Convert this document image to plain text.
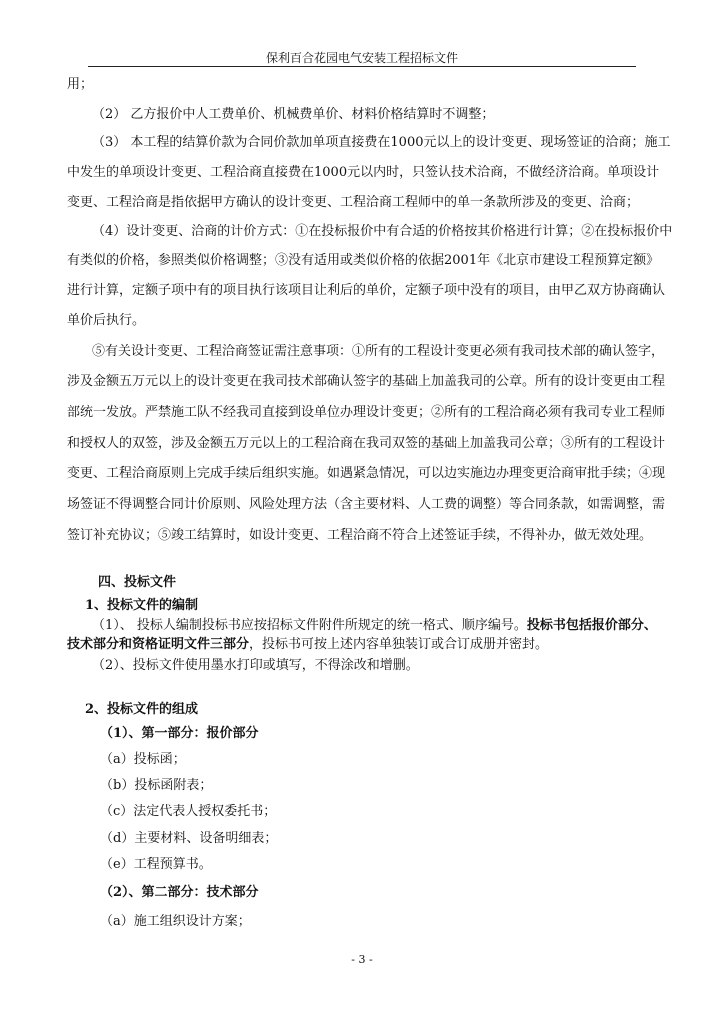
保利百合花园电气安装工程招标文件
用；
（2） 乙方报价中人工费单价、机械费单价、材料价格结算时不调整；
（3） 本工程的结算价款为合同价款加单项直接费在1000元以上的设计变更、现场签证的洽商；施工
中发生的单项设计变更、工程洽商直接费在1000元以内时，只签认技术洽商，不做经济洽商。单项设计
变更、工程洽商是指依据甲方确认的设计变更、工程洽商工程师中的单一条款所涉及的变更、洽商；
（4）设计变更、洽商的计价方式：①在投标报价中有合适的价格按其价格进行计算；②在投标报价中
有类似的价格，参照类似价格调整；③没有适用或类似价格的依据2001年《北京市建设工程预算定额》
进行计算，定额子项中有的项目执行该项目让利后的单价，定额子项中没有的项目，由甲乙双方协商确认
单价后执行。
⑤有关设计变更、工程洽商签证需注意事项：①所有的工程设计变更必须有我司技术部的确认签字，
涉及金额五万元以上的设计变更在我司技术部确认签字的基础上加盖我司的公章。所有的设计变更由工程
部统一发放。严禁施工队不经我司直接到设单位办理设计变更；②所有的工程洽商必须有我司专业工程师
和授权人的双签，涉及金额五万元以上的工程洽商在我司双签的基础上加盖我司公章；③所有的工程设计
变更、工程洽商原则上完成手续后组织实施。如遇紧急情况，可以边实施边办理变更洽商审批手续；④现
场签证不得调整合同计价原则、风险处理方法（含主要材料、人工费的调整）等合同条款，如需调整，需
签订补充协议；⑤竣工结算时，如设计变更、工程洽商不符合上述签证手续，不得补办，做无效处理。
四、投标文件
1、投标文件的编制
（1）、 投标人编制投标书应按招标文件附件所规定的统一格式、顺序编号。投标书包括报价部分、
技术部分和资格证明文件三部分，投标书可按上述内容单独装订或合订成册并密封。
（2）、投标文件使用墨水打印或填写，不得涂改和增删。
2、投标文件的组成
（1）、第一部分：报价部分
（a）投标函；
（b）投标函附表；
（c）法定代表人授权委托书；
（d）主要材料、设备明细表；
（e）工程预算书。
（2）、第二部分：技术部分
（a）施工组织设计方案；
- 3 -
